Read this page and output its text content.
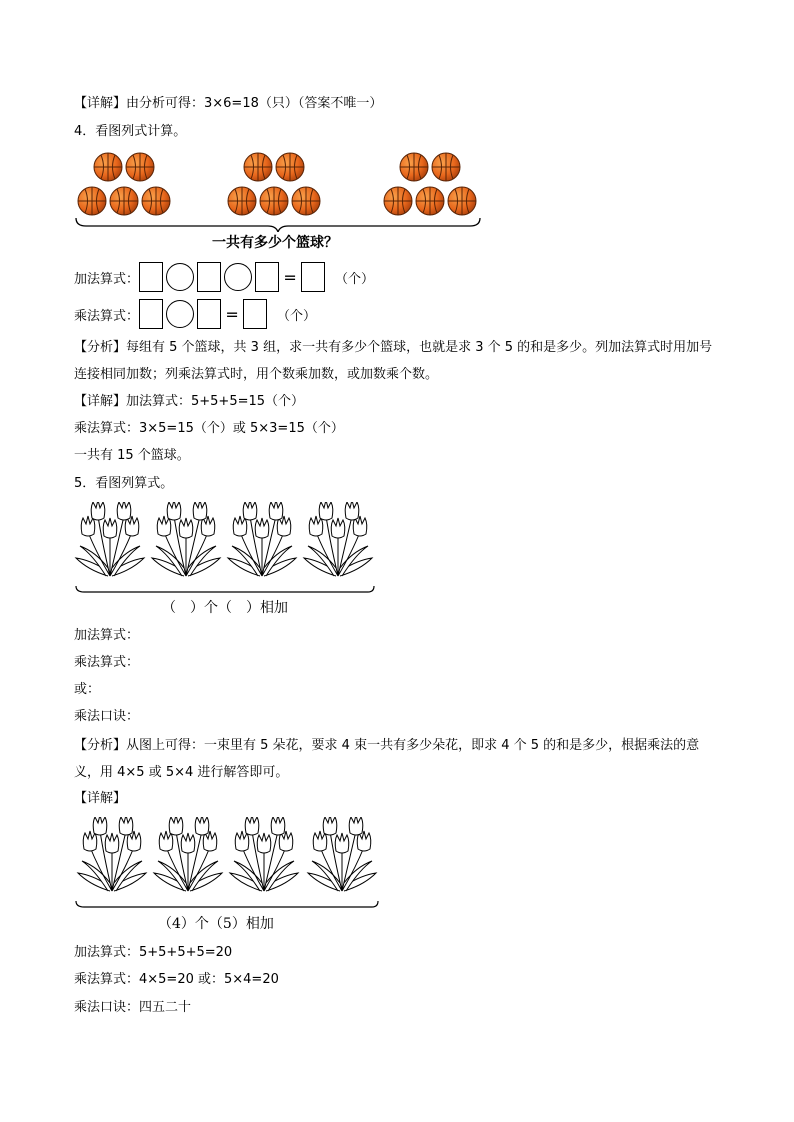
【详解】由分析可得：3×6=18（只）（答案不唯一）
4．看图列式计算。
一共有多少个篮球？
加法算式：	=	（个）
乘法算式：	=	（个）
【分析】每组有 5 个篮球，共 3 组，求一共有多少个篮球，也就是求 3 个 5 的和是多少。列加法算式时用加号连接相同加数；列乘法算式时，用个数乘加数，或加数乘个数。
【详解】加法算式：5+5+5=15（个）
乘法算式：3×5=15（个）或 5×3=15（个）
一共有 15 个篮球。
5．看图列算式。
（　）个（　）相加
加法算式：
乘法算式：
或：
乘法口诀：
【分析】从图上可得：一束里有 5 朵花，要求 4 束一共有多少朵花，即求 4 个 5 的和是多少，根据乘法的意义，用 4×5 或 5×4 进行解答即可。
【详解】
（4）个（5）相加
加法算式：5+5+5+5=20
乘法算式：4×5=20 或：5×4=20
乘法口诀：四五二十
